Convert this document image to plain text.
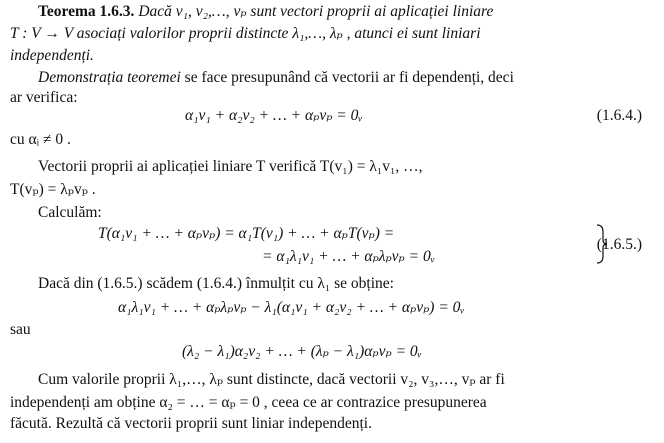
Teorema 1.6.3. Dacă v₁, v₂,…, vₚ sunt vectori proprii ai aplicației liniare
T : V → V asociați valorilor proprii distincte λ₁,…, λₚ , atunci ei sunt liniari
independenți.
Demonstrația teoremei se face presupunând că vectorii ar fi dependenți, deci
ar verifica:
α₁v₁ + α₂v₂ + … + αₚvₚ = 0ᵥ	(1.6.4.)
cu αᵢ ≠ 0 .
Vectorii proprii ai aplicației liniare T verifică T(v₁) = λ₁v₁, …,
T(vₚ) = λₚvₚ .
Calculăm:
T(α₁v₁ + … + αₚvₚ) = α₁T(v₁) + … + αₚT(vₚ) =
= α₁λ₁v₁ + … + αₚλₚvₚ = 0ᵥ
(1.6.5.)
Dacă din (1.6.5.) scădem (1.6.4.) înmulțit cu λ₁ se obține:
α₁λ₁v₁ + … + αₚλₚvₚ − λ₁(α₁v₁ + α₂v₂ + … + αₚvₚ) = 0ᵥ
sau
(λ₂ − λ₁)α₂v₂ + … + (λₚ − λ₁)αₚvₚ = 0ᵥ
Cum valorile proprii λ₁,…, λₚ sunt distincte, dacă vectorii v₂, v₃,…, vₚ ar fi
independenți am obține α₂ = … = αₚ = 0 , ceea ce ar contrazice presupunerea
făcută. Rezultă că vectorii proprii sunt liniar independenți.
